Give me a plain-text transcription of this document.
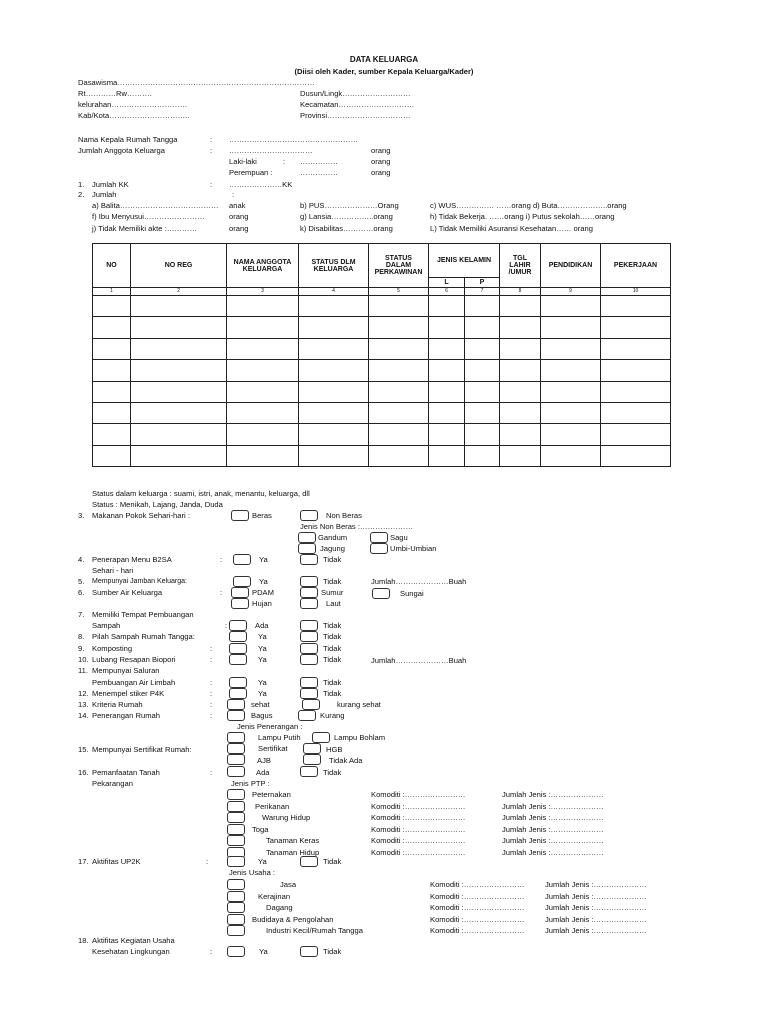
DATA KELUARGA
(Diisi oleh Kader, sumber Kepala Keluarga/Kader)
Dasawisma……………………………………………………………………
Rt…………Rw……….	Dusun/Lingk………………………
kelurahan…………………………	Kecamatan…………………………
Kab/Kota…………………………..	Provinsi……………………………
Nama Kepala Rumah Tangga	: ……………………………………………
Jumlah Anggota Keluarga	: ……………………………	orang
Laki-laki	: ……………	orang
Perempuan :	……………	orang
1. Jumlah KK	: …………………KK
2. Jumlah	:
a) Balita………………………………… anak	b) PUS…………………Orang	c) WUS…………… ……orang d) Buta………………..orang
f) Ibu Menyusui……………………	orang	g) Lansia……………..orang	h) Tidak Bekerja. ……orang i) Putus sekolah……orang
j) Tidak Memiliki akte :…………	orang	k) Disabilitas…………orang	L) Tidak Memiliki Asuransi Kesehatan…… orang
NO	NO REG	NAMA ANGGOTA KELUARGA	STATUS DLM KELUARGA	STATUS DALAM PERKAWINAN	JENIS KELAMIN		TGL LAHIR /UMUR	PENDIDIKAN	PEKERJAAN
					L	P			
1	2	3	4	5	6	7	8	9	10

Status dalam keluarga : suami, istri, anak, menantu, keluarga, dll
Status : Menikah, Lajang, Janda, Duda
3. Makanan Pokok Sehari-hari :	Beras	Non Beras
Jenis Non Beras :…………………
Gandum	Sagu
Jagung	Umbi-Umbian
4. Penerapan Menu B2SA
Sehari - hari
:	Ya	Tidak
5. Mempunyai Jamban Keluarga:	Ya	Tidak	Jumlah…………………Buah
6. Sumber Air Keluarga	:	PDAM	Sumur	Sungai
Hujan	Laut
7. Memiliki Tempat Pembuangan
Sampah	:	Ada	Tidak
8. Pilah Sampah Rumah Tangga:	Ya	Tidak
9. Komposting	:	Ya	Tidak
10. Lubang Resapan Biopori	:	Ya	Tidak	Jumlah…………………Buah
11. Mempunyai Saluran
Pembuangan Air Limbah	:	Ya	Tidak
12. Menempel stiker P4K	:	Ya	Tidak
13. Kriteria Rumah	:	sehat	kurang sehat
14. Penerangan Rumah	:	Bagus	Kurang
Jenis Penerangan :
Lampu Putih	Lampu Bohlam
15. Mempunyai Sertifikat Rumah:	Sertifikat	HGB
AJB	Tidak Ada
16. Pemanfaatan Tanah
Pekarangan
:	Ada	Tidak
Jenis PTP :
Peternakan	Komoditi :……………………	Jumlah Jenis :…………………
Perikanan	Komoditi :……………………	Jumlah Jenis :…………………
Warung Hidup	Komoditi :……………………	Jumlah Jenis :…………………
Toga	Komoditi :……………………	Jumlah Jenis :…………………
Tanaman Keras	Komoditi :……………………	Jumlah Jenis :…………………
Tanaman Hidup	Komoditi :……………………	Jumlah Jenis :…………………
17. Aktifitas UP2K	:	Ya	Tidak
Jenis Usaha :
Jasa	Komoditi :……………………	Jumlah Jenis :…………………
Kerajinan	Komoditi :……………………	Jumlah Jenis :…………………
Dagang	Komoditi :……………………	Jumlah Jenis :…………………
Budidaya & Pengolahan	Komoditi :……………………	Jumlah Jenis :…………………
Industri Kecil/Rumah Tangga	Komoditi :……………………	Jumlah Jenis :…………………
18. Aktifitas Kegiatan Usaha
Kesehatan Lingkungan	:	Ya	Tidak
